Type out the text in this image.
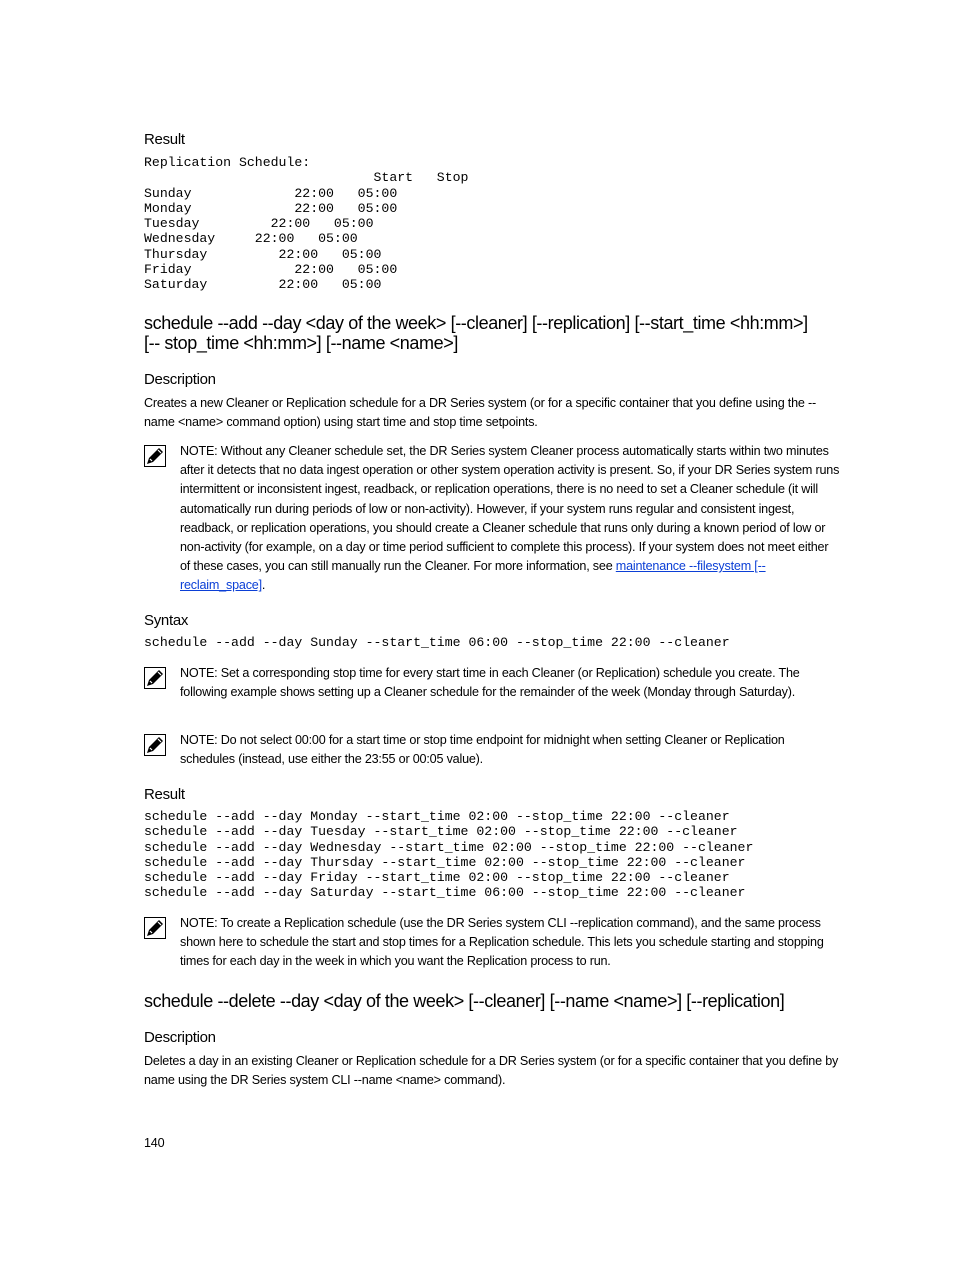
Result
Replication Schedule:
Start   Stop
Sunday             22:00   05:00
Monday             22:00   05:00
Tuesday         22:00   05:00
Wednesday     22:00   05:00
Thursday         22:00   05:00
Friday             22:00   05:00
Saturday         22:00   05:00
schedule --add --day <day of the week> [--cleaner] [--replication] [--start_time <hh:mm>]
[-- stop_time <hh:mm>] [--name <name>]
Description
Creates a new Cleaner or Replication schedule for a DR Series system (or for a specific container that you define using the --name <name> command option) using start time and stop time setpoints.
NOTE: Without any Cleaner schedule set, the DR Series system Cleaner process automatically starts within two minutes after it detects that no data ingest operation or other system operation activity is present. So, if your DR Series system runs intermittent or inconsistent ingest, readback, or replication operations, there is no need to set a Cleaner schedule (it will automatically run during periods of low or non-activity). However, if your system runs regular and consistent ingest, readback, or replication operations, you should create a Cleaner schedule that runs only during a known period of low or non-activity (for example, on a day or time period sufficient to complete this process). If your system does not meet either of these cases, you can still manually run the Cleaner. For more information, see maintenance --filesystem [--reclaim_space].
Syntax
schedule --add --day Sunday --start_time 06:00 --stop_time 22:00 --cleaner
NOTE: Set a corresponding stop time for every start time in each Cleaner (or Replication) schedule you create. The following example shows setting up a Cleaner schedule for the remainder of the week (Monday through Saturday).
NOTE: Do not select 00:00 for a start time or stop time endpoint for midnight when setting Cleaner or Replication schedules (instead, use either the 23:55 or 00:05 value).
Result
schedule --add --day Monday --start_time 02:00 --stop_time 22:00 --cleaner
schedule --add --day Tuesday --start_time 02:00 --stop_time 22:00 --cleaner
schedule --add --day Wednesday --start_time 02:00 --stop_time 22:00 --cleaner
schedule --add --day Thursday --start_time 02:00 --stop_time 22:00 --cleaner
schedule --add --day Friday --start_time 02:00 --stop_time 22:00 --cleaner
schedule --add --day Saturday --start_time 06:00 --stop_time 22:00 --cleaner
NOTE: To create a Replication schedule (use the DR Series system CLI --replication command), and the same process shown here to schedule the start and stop times for a Replication schedule. This lets you schedule starting and stopping times for each day in the week in which you want the Replication process to run.
schedule --delete --day <day of the week> [--cleaner] [--name <name>] [--replication]
Description
Deletes a day in an existing Cleaner or Replication schedule for a DR Series system (or for a specific container that you define by name using the DR Series system CLI --name <name> command).
140
